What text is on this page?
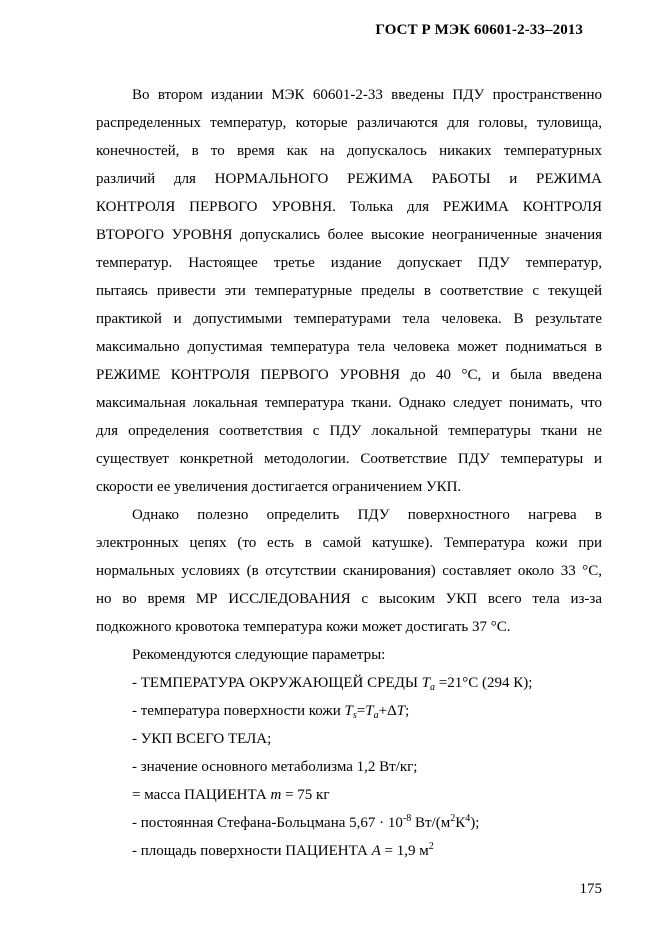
ГОСТ Р МЭК 60601-2-33–2013
Во втором издании МЭК 60601-2-33 введены ПДУ пространственно
распределенных температур, которые различаются для головы, туловища,
конечностей, в то время как на допускалось никаких температурных
различий для НОРМАЛЬНОГО РЕЖИМА РАБОТЫ и РЕЖИМА
КОНТРОЛЯ ПЕРВОГО УРОВНЯ. Толька для РЕЖИМА КОНТРОЛЯ
ВТОРОГО УРОВНЯ допускались более высокие неограниченные значения
температур. Настоящее третье издание допускает ПДУ температур,
пытаясь привести эти температурные пределы в соответствие с текущей
практикой и допустимыми температурами тела человека. В результате
максимально допустимая температура тела человека может подниматься в
РЕЖИМЕ КОНТРОЛЯ ПЕРВОГО УРОВНЯ до 40 °С, и была введена
максимальная локальная температура ткани. Однако следует понимать, что
для определения соответствия с ПДУ локальной температуры ткани не
существует конкретной методологии. Соответствие ПДУ температуры и
скорости ее увеличения достигается ограничением УКП.
Однако полезно определить ПДУ поверхностного нагрева в
электронных цепях (то есть в самой катушке). Температура кожи при
нормальных условиях (в отсутствии сканирования) составляет около 33 °С,
но во время МР ИССЛЕДОВАНИЯ с высоким УКП всего тела из-за
подкожного кровотока температура кожи может достигать 37 °С.
Рекомендуются следующие параметры:
- ТЕМПЕРАТУРА ОКРУЖАЮЩЕЙ СРЕДЫ $T_a =21^\circ С$ (294 К);
- температура поверхности кожи $T_s=T_a+\Delta T$;
- УКП ВСЕГО ТЕЛА;
- значение основного метаболизма 1,2 Вт/кг;
= масса ПАЦИЕНТА m = 75 кг
- постоянная Стефана-Больцмана $5,67 \cdot 10^{-8}$ $Вт/(м^2К^4)$;
- площадь поверхности ПАЦИЕНТА A = 1,9 $м^2$
175
